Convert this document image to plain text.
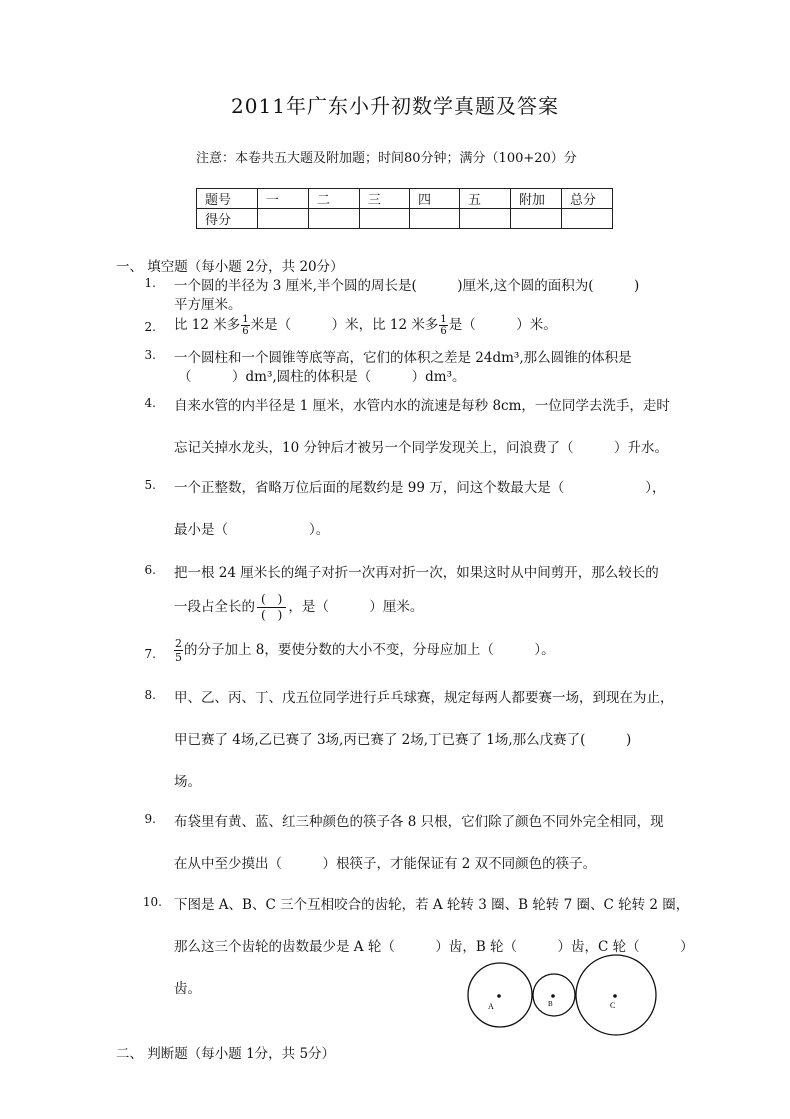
2011年广东小升初数学真题及答案
注意：本卷共五大题及附加题；时间80分钟；满分（100+20）分
题号	一	二	三	四	五	附加	总分
得分							
一、 填空题（每小题 2分，共 20分）
1. 一个圆的半径为 3 厘米,半个圆的周长是(　　　)厘米,这个圆的面积为(　　　)
平方厘米。
2. 比 12 米多 $\frac{1}{6}$ 米是（　　　）米，比 12 米多 $\frac{1}{6}$ 是（　　　）米。
3. 一个圆柱和一个圆锥等底等高，它们的体积之差是 24dm³,那么圆锥的体积是
（　　　）dm³,圆柱的体积是（　　　）dm³。
4. 自来水管的内半径是 1 厘米，水管内水的流速是每秒 8cm，一位同学去洗手，走时
忘记关掉水龙头，10 分钟后才被另一个同学发现关上，问浪费了（　　　）升水。
5. 一个正整数，省略万位后面的尾数约是 99 万，问这个数最大是（　　　　　　），
最小是（　　　　　　）。
6. 把一根 24 厘米长的绳子对折一次再对折一次，如果这时从中间剪开，那么较长的
一段占全长的 (　)
(　) ，是（　　　）厘米。
7. $\frac{2}{5}$ 的分子加上 8，要使分数的大小不变，分母应加上（　　　）。
8. 甲、乙、丙、丁、戊五位同学进行乒乓球赛，规定每两人都要赛一场，到现在为止，
甲已赛了 4场,乙已赛了 3场,丙已赛了 2场,丁已赛了 1场,那么戊赛了(　　　)
场。
9. 布袋里有黄、蓝、红三种颜色的筷子各 8 只根，它们除了颜色不同外完全相同，现
在从中至少摸出（　　　）根筷子，才能保证有 2 双不同颜色的筷子。
10. 下图是 A、B、C 三个互相咬合的齿轮，若 A 轮转 3 圈、B 轮转 7 圈、C 轮转 2 圈，
那么这三个齿轮的齿数最少是 A 轮（　　　）齿，B 轮（　　　）齿，C 轮（　　　）
齿。
A	B	C
二、 判断题（每小题 1分，共 5分）
